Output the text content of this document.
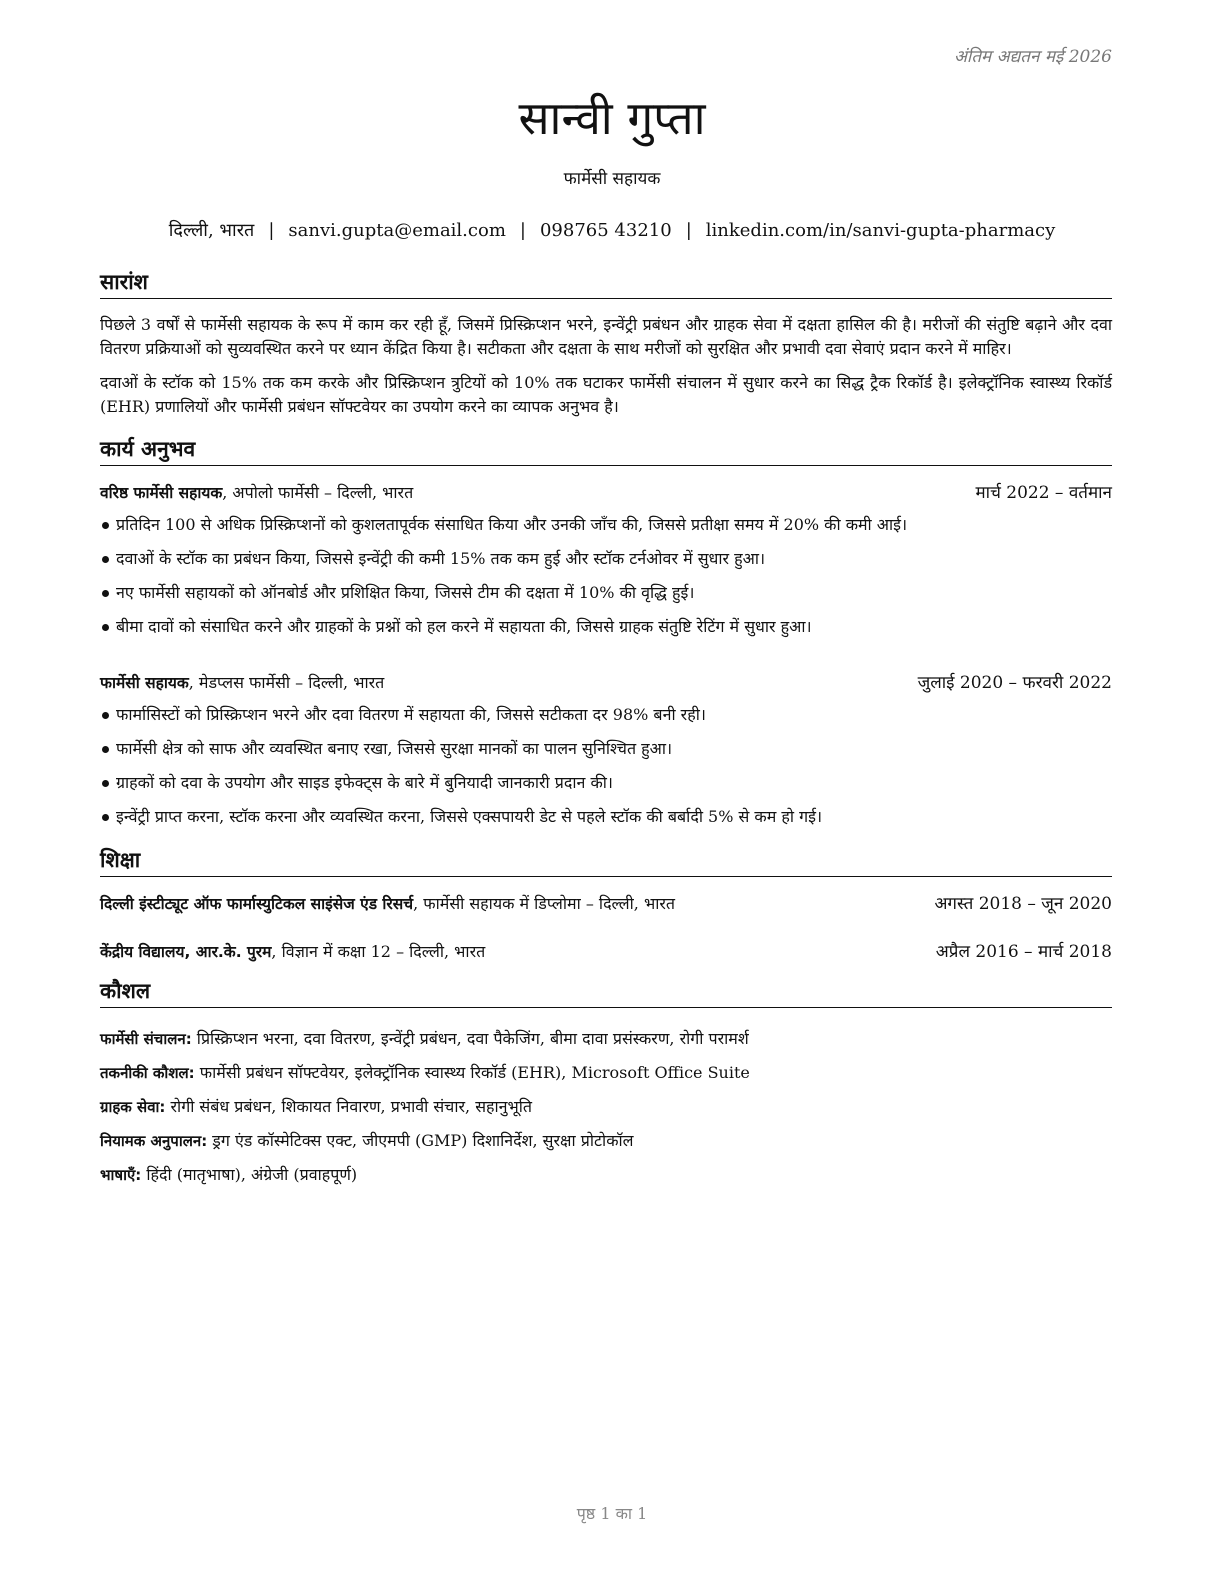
अंतिम अद्यतन मई 2026
सान्वी गुप्ता

फार्मेसी सहायक

दिल्ली, भारत | sanvi.gupta@email.com | 098765 43210 | linkedin.com/in/sanvi-gupta-pharmacy

सारांश

पिछले 3 वर्षों से फार्मेसी सहायक के रूप में काम कर रही हूँ, जिसमें प्रिस्क्रिप्शन भरने, इन्वेंट्री प्रबंधन और ग्राहक सेवा में दक्षता हासिल की है। मरीजों की संतुष्टि बढ़ाने और दवा वितरण प्रक्रियाओं को सुव्यवस्थित करने पर ध्यान केंद्रित किया है। सटीकता और दक्षता के साथ मरीजों को सुरक्षित और प्रभावी दवा सेवाएं प्रदान करने में माहिर।

दवाओं के स्टॉक को 15% तक कम करके और प्रिस्क्रिप्शन त्रुटियों को 10% तक घटाकर फार्मेसी संचालन में सुधार करने का सिद्ध ट्रैक रिकॉर्ड है। इलेक्ट्रॉनिक स्वास्थ्य रिकॉर्ड (EHR) प्रणालियों और फार्मेसी प्रबंधन सॉफ्टवेयर का उपयोग करने का व्यापक अनुभव है।

कार्य अनुभव
वरिष्ठ फार्मेसी सहायक, अपोलो फार्मेसी – दिल्ली, भारत	मार्च 2022 – वर्तमान
प्रतिदिन 100 से अधिक प्रिस्क्रिप्शनों को कुशलतापूर्वक संसाधित किया और उनकी जाँच की, जिससे प्रतीक्षा समय में 20% की कमी आई।
दवाओं के स्टॉक का प्रबंधन किया, जिससे इन्वेंट्री की कमी 15% तक कम हुई और स्टॉक टर्नओवर में सुधार हुआ।
नए फार्मेसी सहायकों को ऑनबोर्ड और प्रशिक्षित किया, जिससे टीम की दक्षता में 10% की वृद्धि हुई।
बीमा दावों को संसाधित करने और ग्राहकों के प्रश्नों को हल करने में सहायता की, जिससे ग्राहक संतुष्टि रेटिंग में सुधार हुआ।
फार्मेसी सहायक, मेडप्लस फार्मेसी – दिल्ली, भारत	जुलाई 2020 – फरवरी 2022
फार्मासिस्टों को प्रिस्क्रिप्शन भरने और दवा वितरण में सहायता की, जिससे सटीकता दर 98% बनी रही।
फार्मेसी क्षेत्र को साफ और व्यवस्थित बनाए रखा, जिससे सुरक्षा मानकों का पालन सुनिश्चित हुआ।
ग्राहकों को दवा के उपयोग और साइड इफेक्ट्स के बारे में बुनियादी जानकारी प्रदान की।
इन्वेंट्री प्राप्त करना, स्टॉक करना और व्यवस्थित करना, जिससे एक्सपायरी डेट से पहले स्टॉक की बर्बादी 5% से कम हो गई।
शिक्षा
दिल्ली इंस्टीट्यूट ऑफ फार्मास्युटिकल साइंसेज एंड रिसर्च, फार्मेसी सहायक में डिप्लोमा – दिल्ली, भारत	अगस्त 2018 – जून 2020
केंद्रीय विद्यालय, आर.के. पुरम, विज्ञान में कक्षा 12 – दिल्ली, भारत	अप्रैल 2016 – मार्च 2018
कौशल
फार्मेसी संचालन: प्रिस्क्रिप्शन भरना, दवा वितरण, इन्वेंट्री प्रबंधन, दवा पैकेजिंग, बीमा दावा प्रसंस्करण, रोगी परामर्श
तकनीकी कौशल: फार्मेसी प्रबंधन सॉफ्टवेयर, इलेक्ट्रॉनिक स्वास्थ्य रिकॉर्ड (EHR), Microsoft Office Suite
ग्राहक सेवा: रोगी संबंध प्रबंधन, शिकायत निवारण, प्रभावी संचार, सहानुभूति
नियामक अनुपालन: ड्रग एंड कॉस्मेटिक्स एक्ट, जीएमपी (GMP) दिशानिर्देश, सुरक्षा प्रोटोकॉल
भाषाएँ: हिंदी (मातृभाषा), अंग्रेजी (प्रवाहपूर्ण)
पृष्ठ 1 का 1
